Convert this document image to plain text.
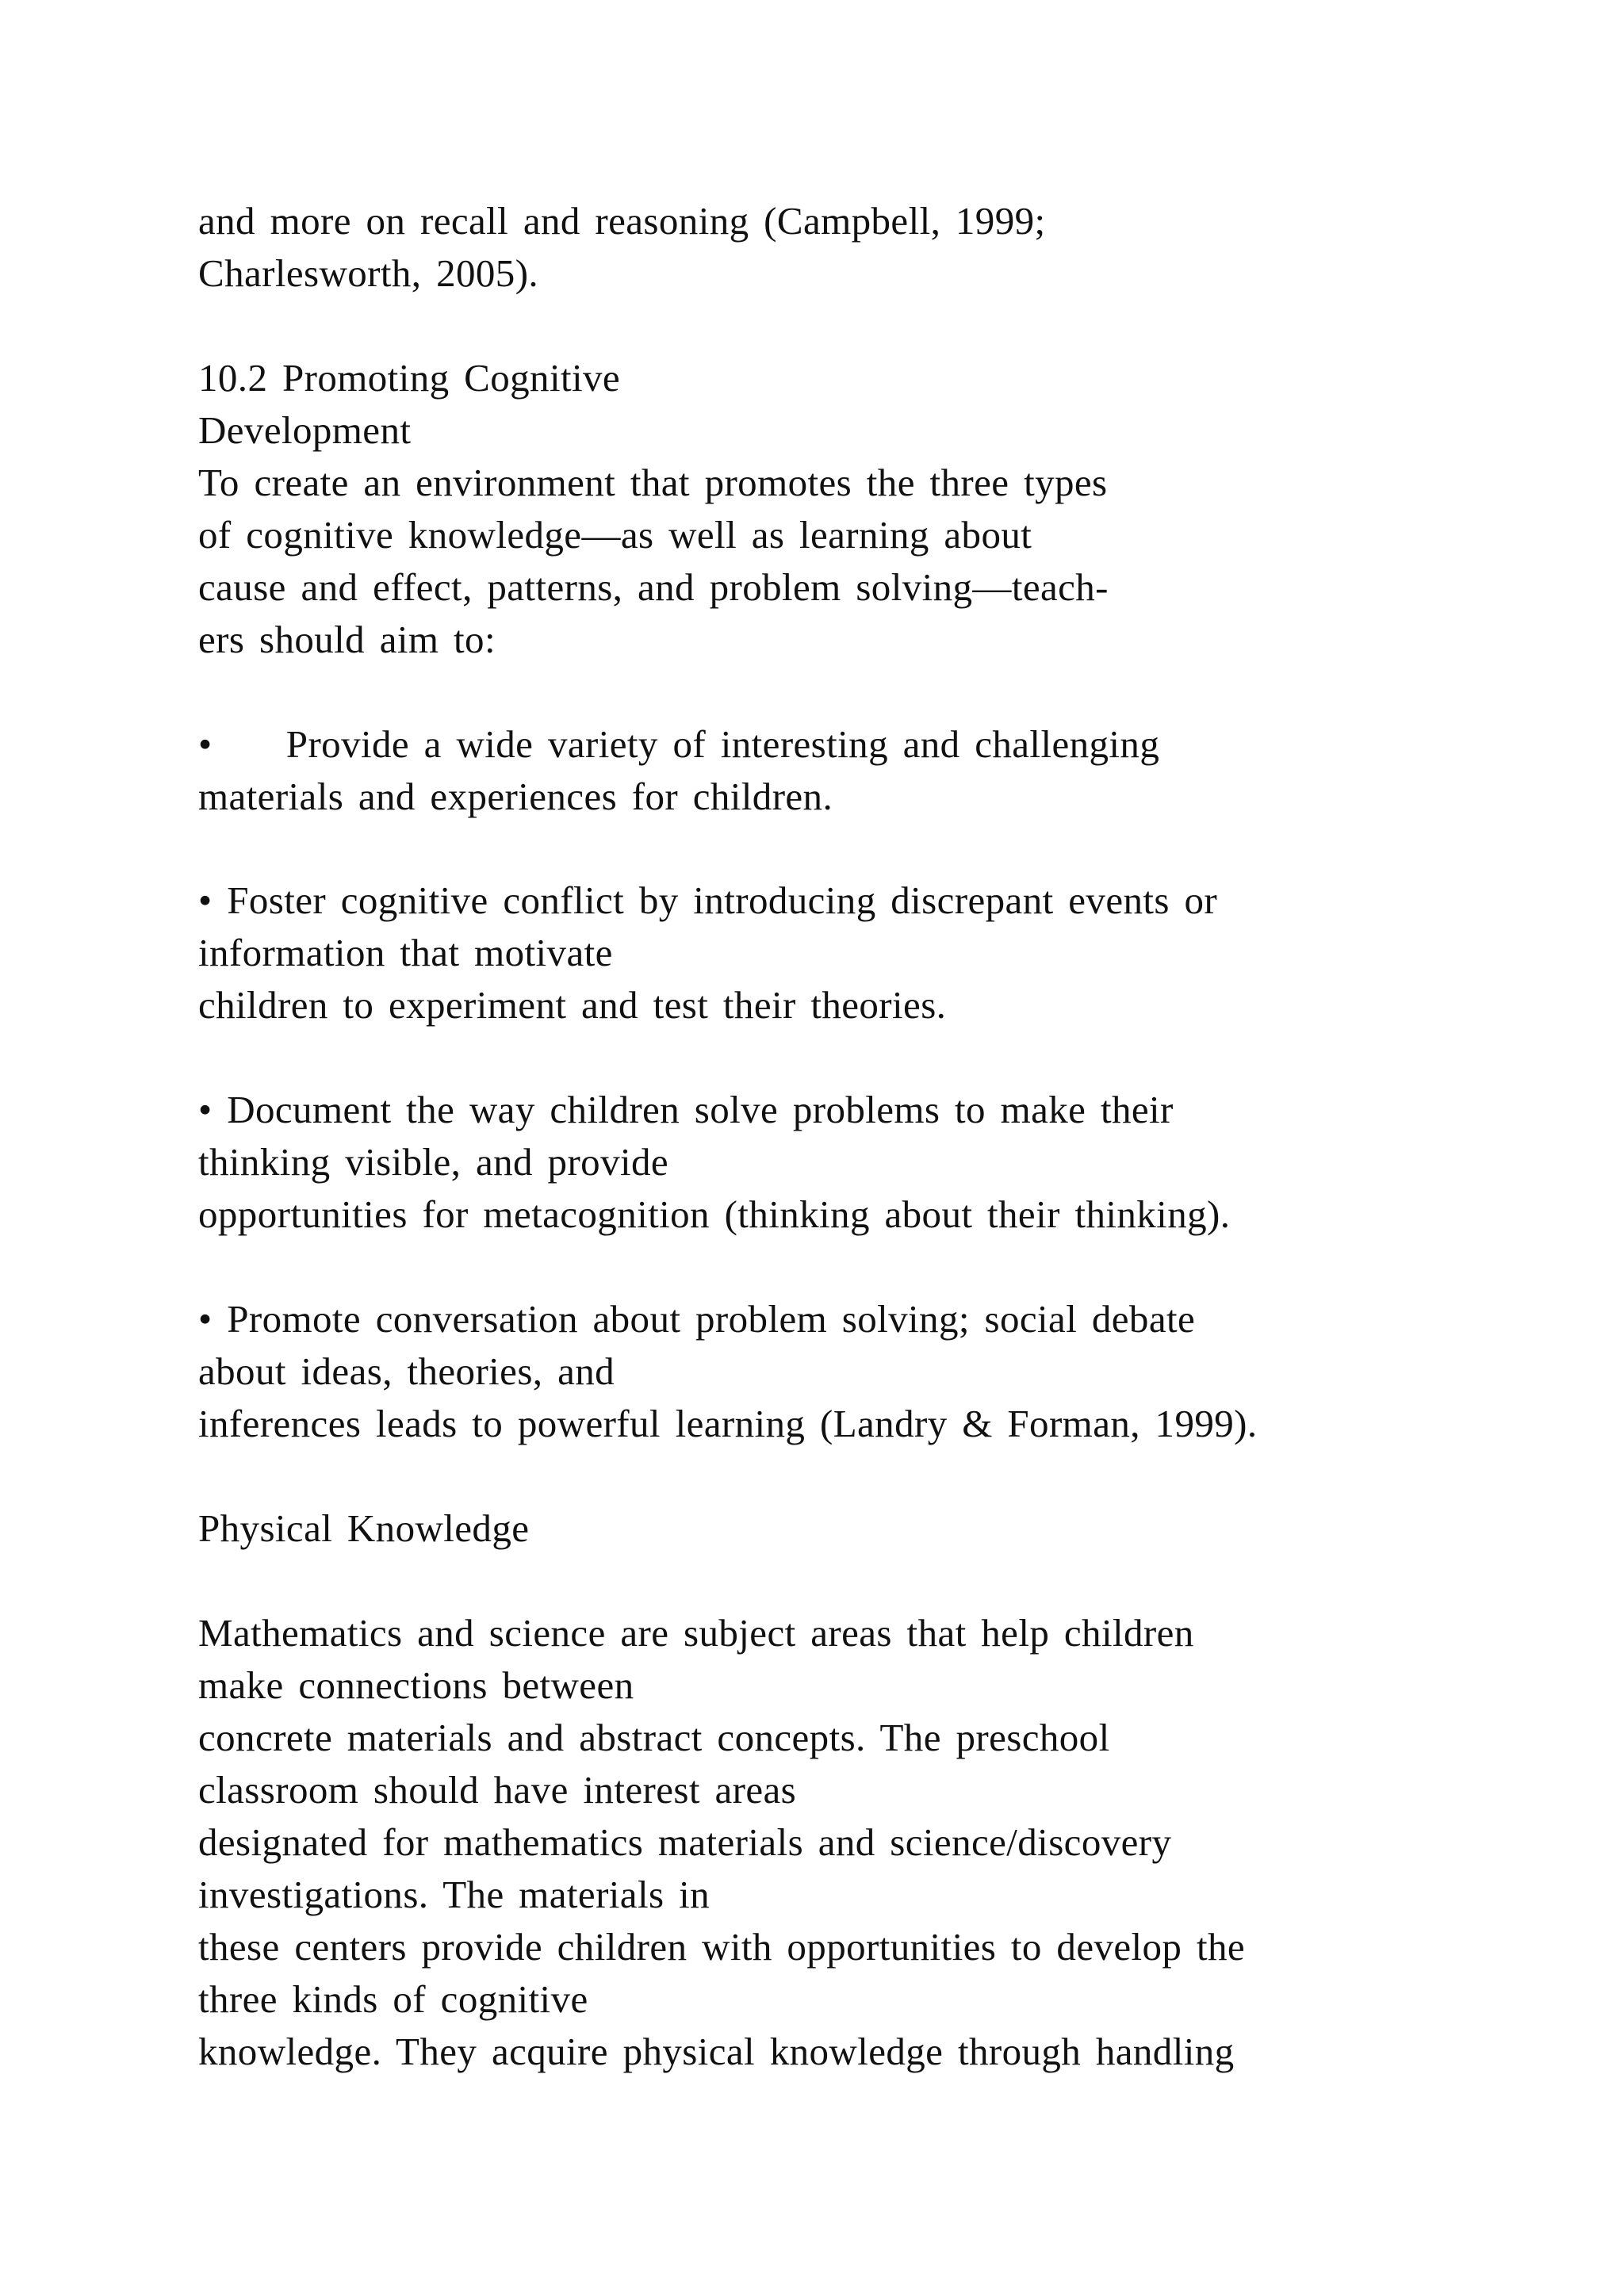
and more on recall and reasoning (Campbell, 1999;
Charlesworth, 2005).
10.2 Promoting Cognitive
Development
To create an environment that promotes the three types
of cognitive knowledge—as well as learning about
cause and effect, patterns, and problem solving—teach-
ers should aim to:
•     Provide a wide variety of interesting and challenging
materials and experiences for children.
• Foster cognitive conflict by introducing discrepant events or
information that motivate
children to experiment and test their theories.
• Document the way children solve problems to make their
thinking visible, and provide
opportunities for metacognition (thinking about their thinking).
• Promote conversation about problem solving; social debate
about ideas, theories, and
inferences leads to powerful learning (Landry & Forman, 1999).
Physical Knowledge
Mathematics and science are subject areas that help children
make connections between
concrete materials and abstract concepts. The preschool
classroom should have interest areas
designated for mathematics materials and science/discovery
investigations. The materials in
these centers provide children with opportunities to develop the
three kinds of cognitive
knowledge. They acquire physical knowledge through handling
